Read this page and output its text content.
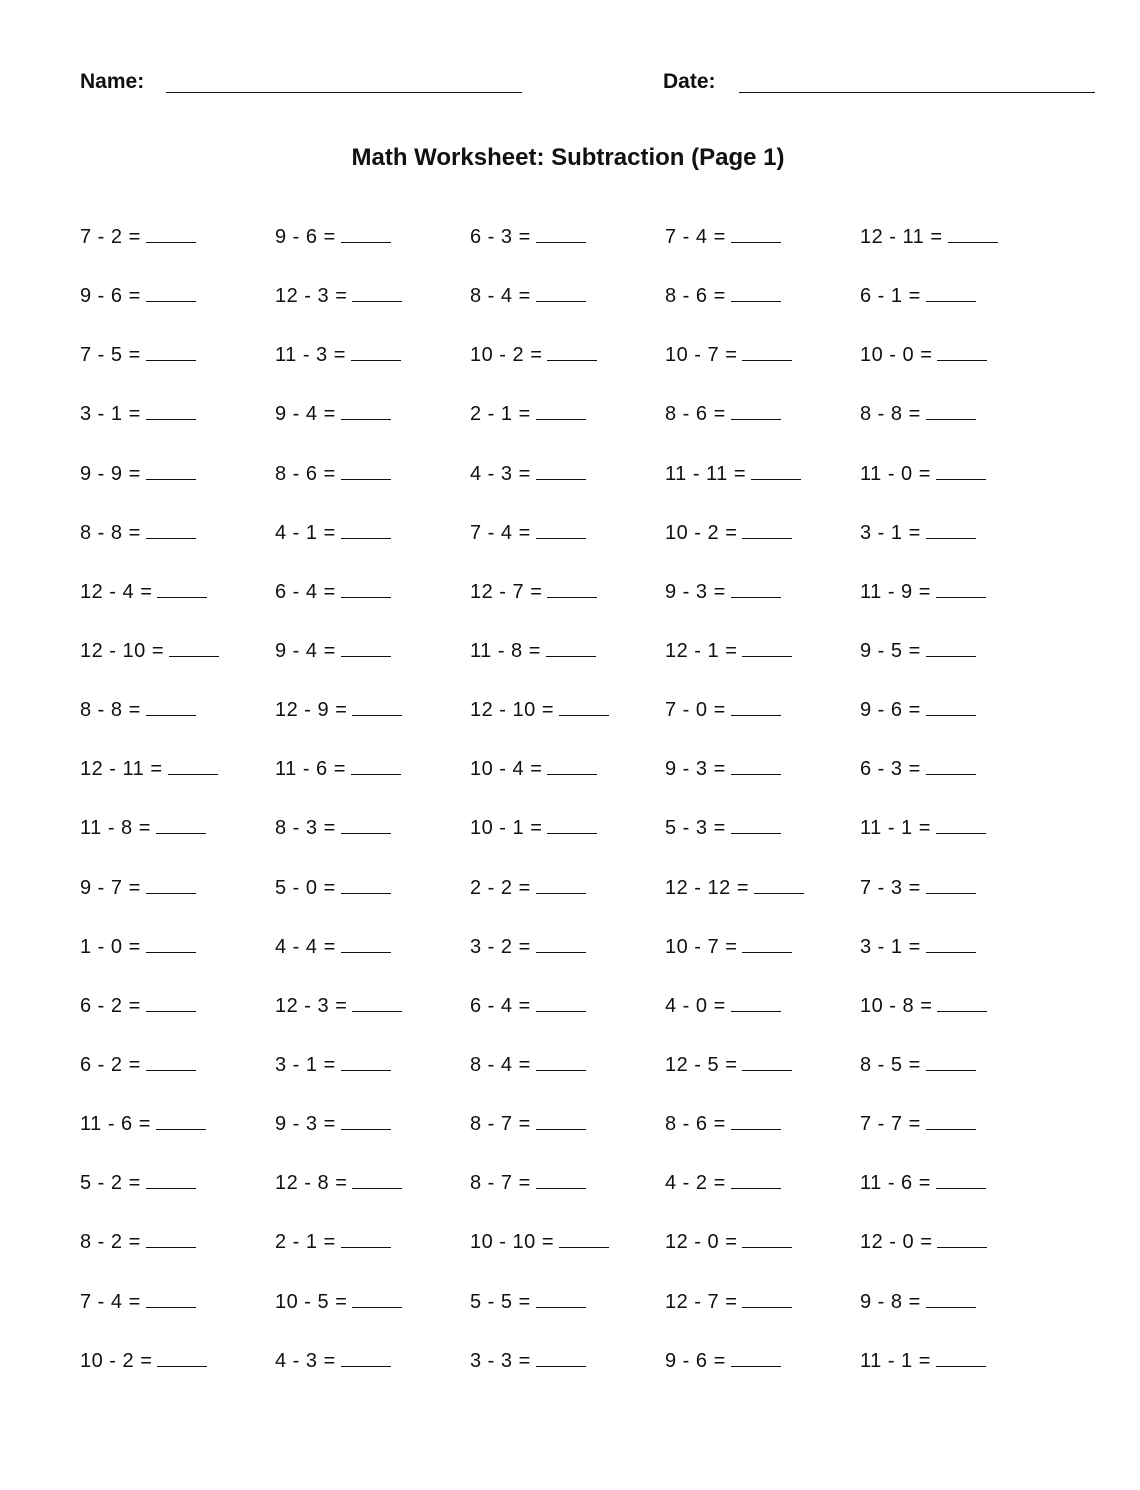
Name:	Date:
Math Worksheet: Subtraction (Page 1)
7 - 2 =	9 - 6 =	6 - 3 =	7 - 4 =	12 - 11 =
9 - 6 =	12 - 3 =	8 - 4 =	8 - 6 =	6 - 1 =
7 - 5 =	11 - 3 =	10 - 2 =	10 - 7 =	10 - 0 =
3 - 1 =	9 - 4 =	2 - 1 =	8 - 6 =	8 - 8 =
9 - 9 =	8 - 6 =	4 - 3 =	11 - 11 =	11 - 0 =
8 - 8 =	4 - 1 =	7 - 4 =	10 - 2 =	3 - 1 =
12 - 4 =	6 - 4 =	12 - 7 =	9 - 3 =	11 - 9 =
12 - 10 =	9 - 4 =	11 - 8 =	12 - 1 =	9 - 5 =
8 - 8 =	12 - 9 =	12 - 10 =	7 - 0 =	9 - 6 =
12 - 11 =	11 - 6 =	10 - 4 =	9 - 3 =	6 - 3 =
11 - 8 =	8 - 3 =	10 - 1 =	5 - 3 =	11 - 1 =
9 - 7 =	5 - 0 =	2 - 2 =	12 - 12 =	7 - 3 =
1 - 0 =	4 - 4 =	3 - 2 =	10 - 7 =	3 - 1 =
6 - 2 =	12 - 3 =	6 - 4 =	4 - 0 =	10 - 8 =
6 - 2 =	3 - 1 =	8 - 4 =	12 - 5 =	8 - 5 =
11 - 6 =	9 - 3 =	8 - 7 =	8 - 6 =	7 - 7 =
5 - 2 =	12 - 8 =	8 - 7 =	4 - 2 =	11 - 6 =
8 - 2 =	2 - 1 =	10 - 10 =	12 - 0 =	12 - 0 =
7 - 4 =	10 - 5 =	5 - 5 =	12 - 7 =	9 - 8 =
10 - 2 =	4 - 3 =	3 - 3 =	9 - 6 =	11 - 1 =
